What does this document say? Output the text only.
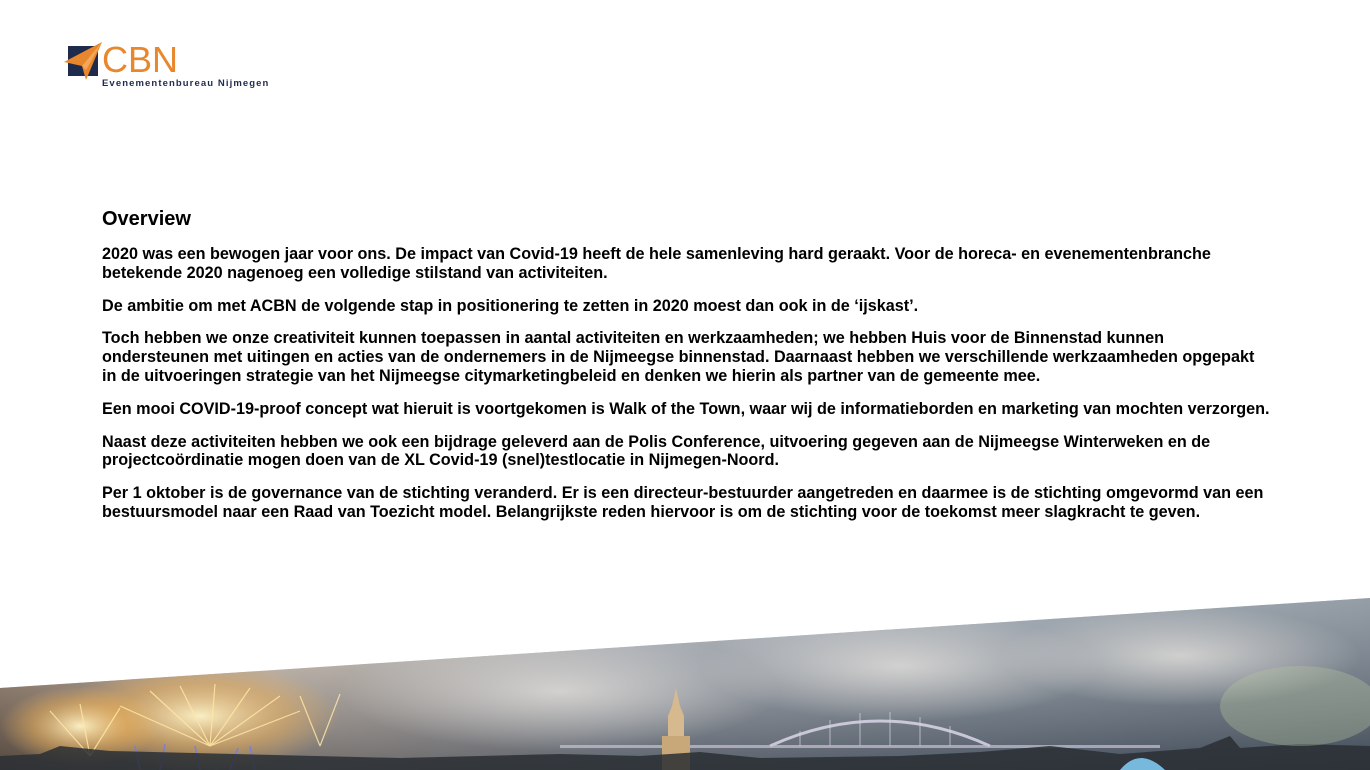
CBN
Evenementenbureau Nijmegen
Overview

2020 was een bewogen jaar voor ons. De impact van Covid-19 heeft de hele samenleving hard geraakt. Voor de horeca- en evenementenbranche betekende 2020 nagenoeg een volledige stilstand van activiteiten.

De ambitie om met ACBN de volgende stap in positionering te zetten in 2020 moest dan ook in de ‘ijskast’.

Toch hebben we onze creativiteit kunnen toepassen in aantal activiteiten en werkzaamheden; we hebben Huis voor de Binnenstad kunnen ondersteunen met uitingen en acties van de ondernemers in de Nijmeegse binnenstad. Daarnaast hebben we verschillende werkzaamheden opgepakt in de uitvoeringen strategie van het Nijmeegse citymarketingbeleid en denken we hierin als partner van de gemeente mee.

Een mooi COVID-19-proof concept wat hieruit is voortgekomen is Walk of the Town, waar wij de informatieborden en marketing van mochten verzorgen.

Naast deze activiteiten hebben we ook een bijdrage geleverd aan de Polis Conference, uitvoering gegeven aan de Nijmeegse Winterweken en de projectcoördinatie mogen doen van de XL Covid-19 (snel)testlocatie in Nijmegen-Noord.

Per 1 oktober is de governance van de stichting veranderd. Er is een directeur-bestuurder aangetreden en daarmee is de stichting omgevormd van een bestuursmodel naar een Raad van Toezicht model. Belangrijkste reden hiervoor is om de stichting voor de toekomst meer slagkracht te geven.
